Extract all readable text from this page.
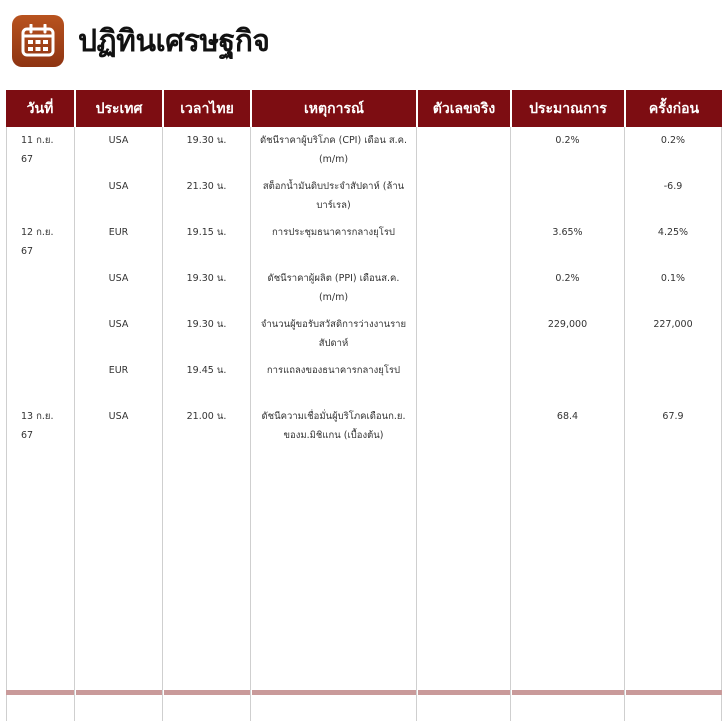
ปฏิทินเศรษฐกิจ
วันที่	ประเทศ	เวลาไทย	เหตุการณ์	ตัวเลขจริง	ประมาณการ	ครั้งก่อน
11 ก.ย. 67	USA	19.30 น.	ดัชนีราคาผู้บริโภค (CPI) เดือน ส.ค.(m/m)		0.2%	0.2%
	USA	21.30 น.	สต็อกน้ำมันดิบประจำสัปดาห์ (ล้านบาร์เรล)			-6.9
12 ก.ย. 67	EUR	19.15 น.	การประชุมธนาคารกลางยุโรป		3.65%	4.25%
	USA	19.30 น.	ดัชนีราคาผู้ผลิต (PPI) เดือนส.ค. (m/m)		0.2%	0.1%
	USA	19.30 น.	จำนวนผู้ขอรับสวัสดิการว่างงานรายสัปดาห์		229,000	227,000
	EUR	19.45 น.	การแถลงของธนาคารกลางยุโรป			
13 ก.ย. 67	USA	21.00 น.	ดัชนีความเชื่อมั่นผู้บริโภคเดือนก.ย. ของม.มิชิแกน (เบื้องต้น)		68.4	67.9
